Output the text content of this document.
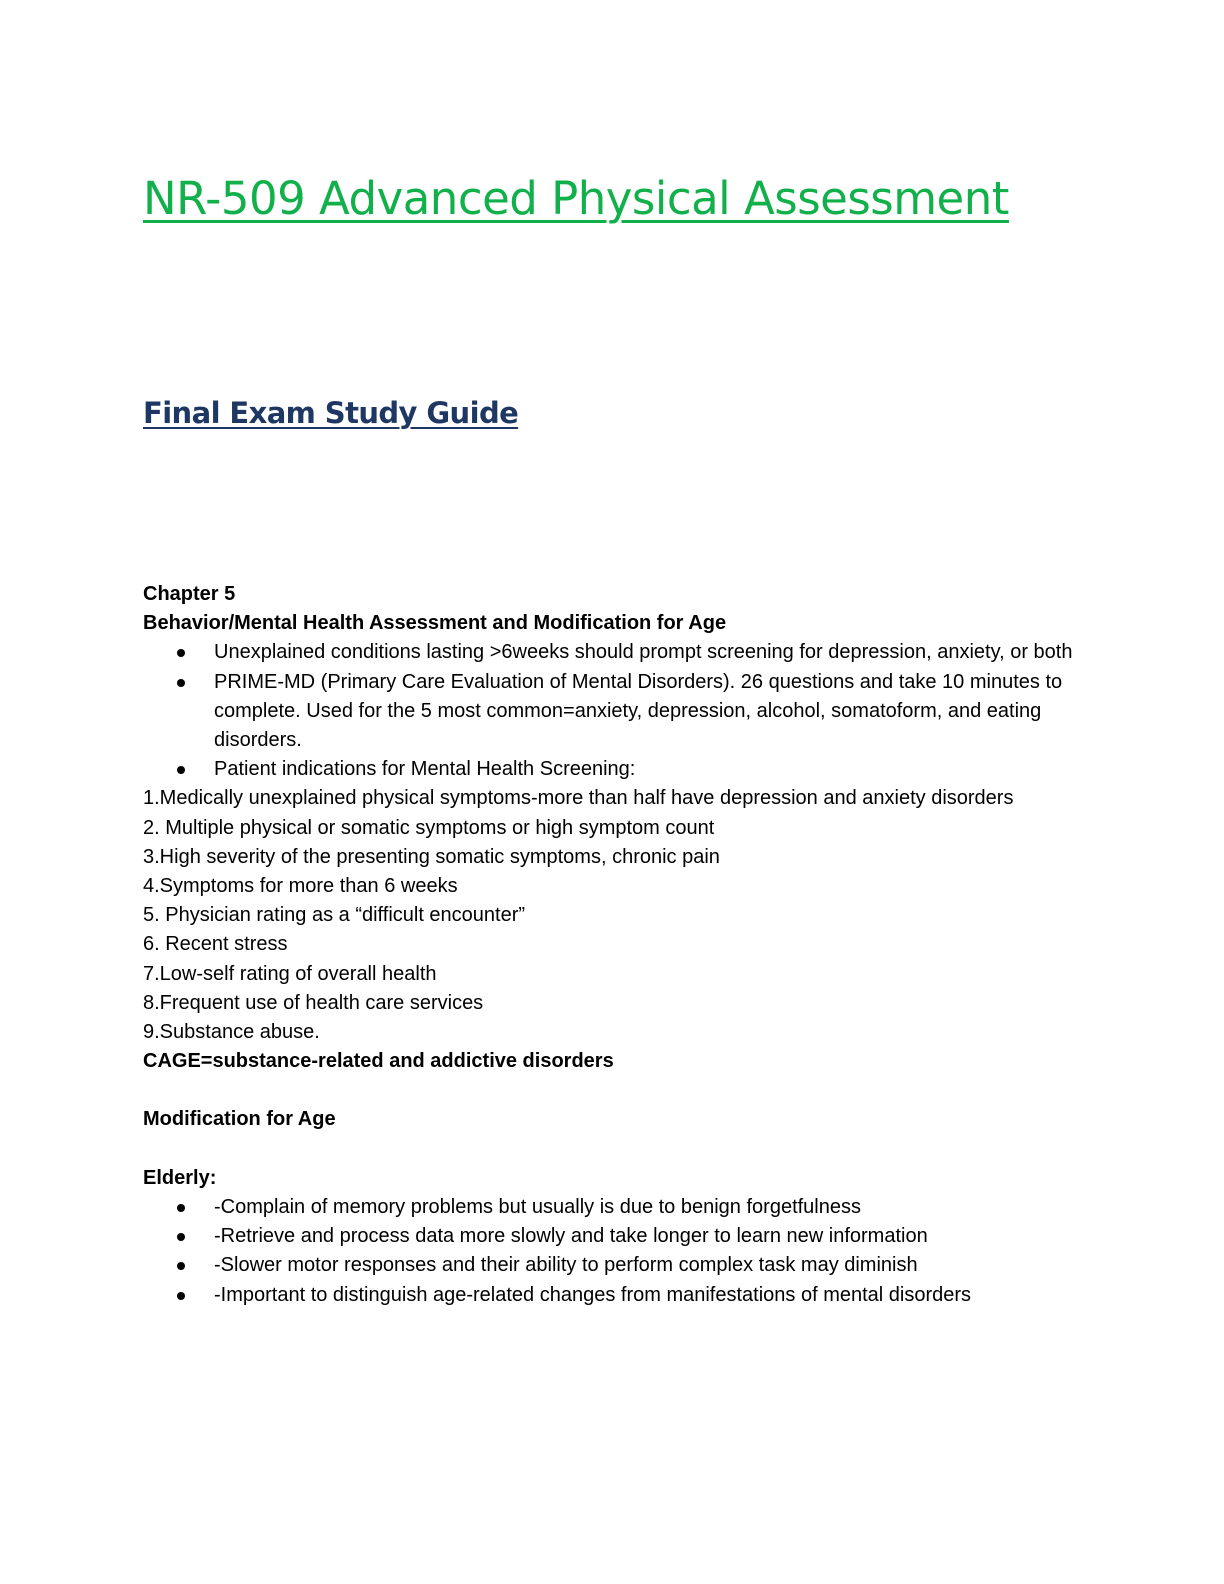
NR-509 Advanced Physical Assessment
Final Exam Study Guide

Chapter 5

Behavior/Mental Health Assessment and Modification for Age

Unexplained conditions lasting >6weeks should prompt screening for depression, anxiety, or both
PRIME-MD (Primary Care Evaluation of Mental Disorders). 26 questions and take 10 minutes to complete. Used for the 5 most common=anxiety, depression, alcohol, somatoform, and eating disorders.
Patient indications for Mental Health Screening:

1.Medically unexplained physical symptoms-more than half have depression and anxiety disorders

2. Multiple physical or somatic symptoms or high symptom count

3.High severity of the presenting somatic symptoms, chronic pain

4.Symptoms for more than 6 weeks

5. Physician rating as a “difficult encounter”

6. Recent stress

7.Low-self rating of overall health

8.Frequent use of health care services

9.Substance abuse.

CAGE=substance-related and addictive disorders

Modification for Age

Elderly:

-Complain of memory problems but usually is due to benign forgetfulness
-Retrieve and process data more slowly and take longer to learn new information
-Slower motor responses and their ability to perform complex task may diminish
-Important to distinguish age-related changes from manifestations of mental disorders
